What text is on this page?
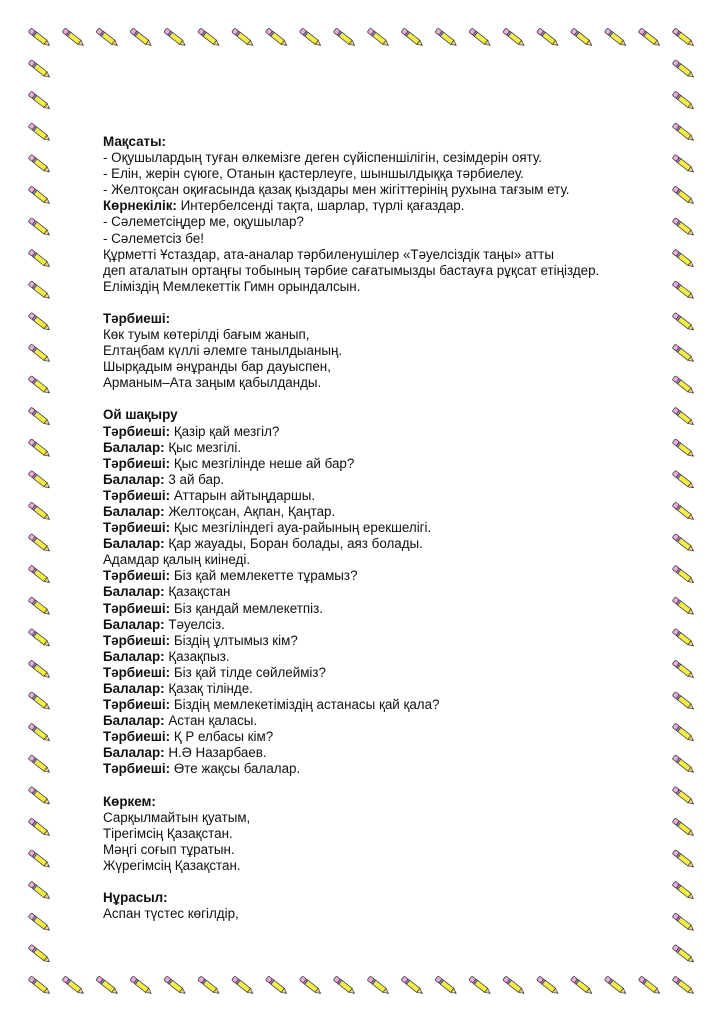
Мақсаты:
- Оқушылардың туған өлкемізге деген сүйіспеншілігін, сезімдерін ояту.
- Елін, жерін сүюге, Отанын қастерлеуге, шыншылдыққа тәрбиелеу.
- Желтоқсан оқиғасында қазақ қыздары мен жігіттерінің рухына тағзым ету.
Көрнекілік: Интербелсенді тақта, шарлар, түрлі қағаздар.
- Сәлеметсіңдер ме, оқушылар?
- Сәлеметсіз бе!
Құрметті Ұстаздар, ата-аналар тәрбиленушілер «Тәуелсіздік таңы» атты
деп аталатын ортаңғы тобының тәрбие сағатымызды бастауға рұқсат етіңіздер.
Еліміздің Мемлекеттік Гимн орындалсын.
Тәрбиеші:
Көк туым көтерілді бағым жанып,
Елтаңбам күллі әлемге танылдыаның.
Шырқадым әнұранды бар дауыспен,
Арманым–Ата заңым қабылданды.
Ой шақыру
Тәрбиеші: Қазір қай мезгіл?
Балалар: Қыс мезгілі.
Тәрбиеші: Қыс мезгілінде неше ай бар?
Балалар: 3 ай бар.
Тәрбиеші: Аттарын айтыңдаршы.
Балалар: Желтоқсан, Ақпан, Қаңтар.
Тәрбиеші: Қыс мезгіліндегі ауа-райының ерекшелігі.
Балалар: Қар жауады, Боран болады, аяз болады.
Адамдар қалың киінеді.
Тәрбиеші: Біз қай мемлекетте тұрамыз?
Балалар: Қазақстан
Тәрбиеші: Біз қандай мемлекетпіз.
Балалар: Тәуелсіз.
Тәрбиеші: Біздің ұлтымыз кім?
Балалар: Қазақпыз.
Тәрбиеші: Біз қай тілде сөйлейміз?
Балалар: Қазақ тілінде.
Тәрбиеші: Біздің мемлекетіміздің астанасы қай қала?
Балалар: Астан қаласы.
Тәрбиеші: Қ Р елбасы кім?
Балалар: Н.Ә Назарбаев.
Тәрбиеші: Өте жақсы балалар.
Көркем:
Сарқылмайтын қуатым,
Тірегімсің Қазақстан.
Мәңгі соғып тұратын.
Жүрегімсің Қазақстан.
Нұрасыл:
Аспан түстес көгілдір,
